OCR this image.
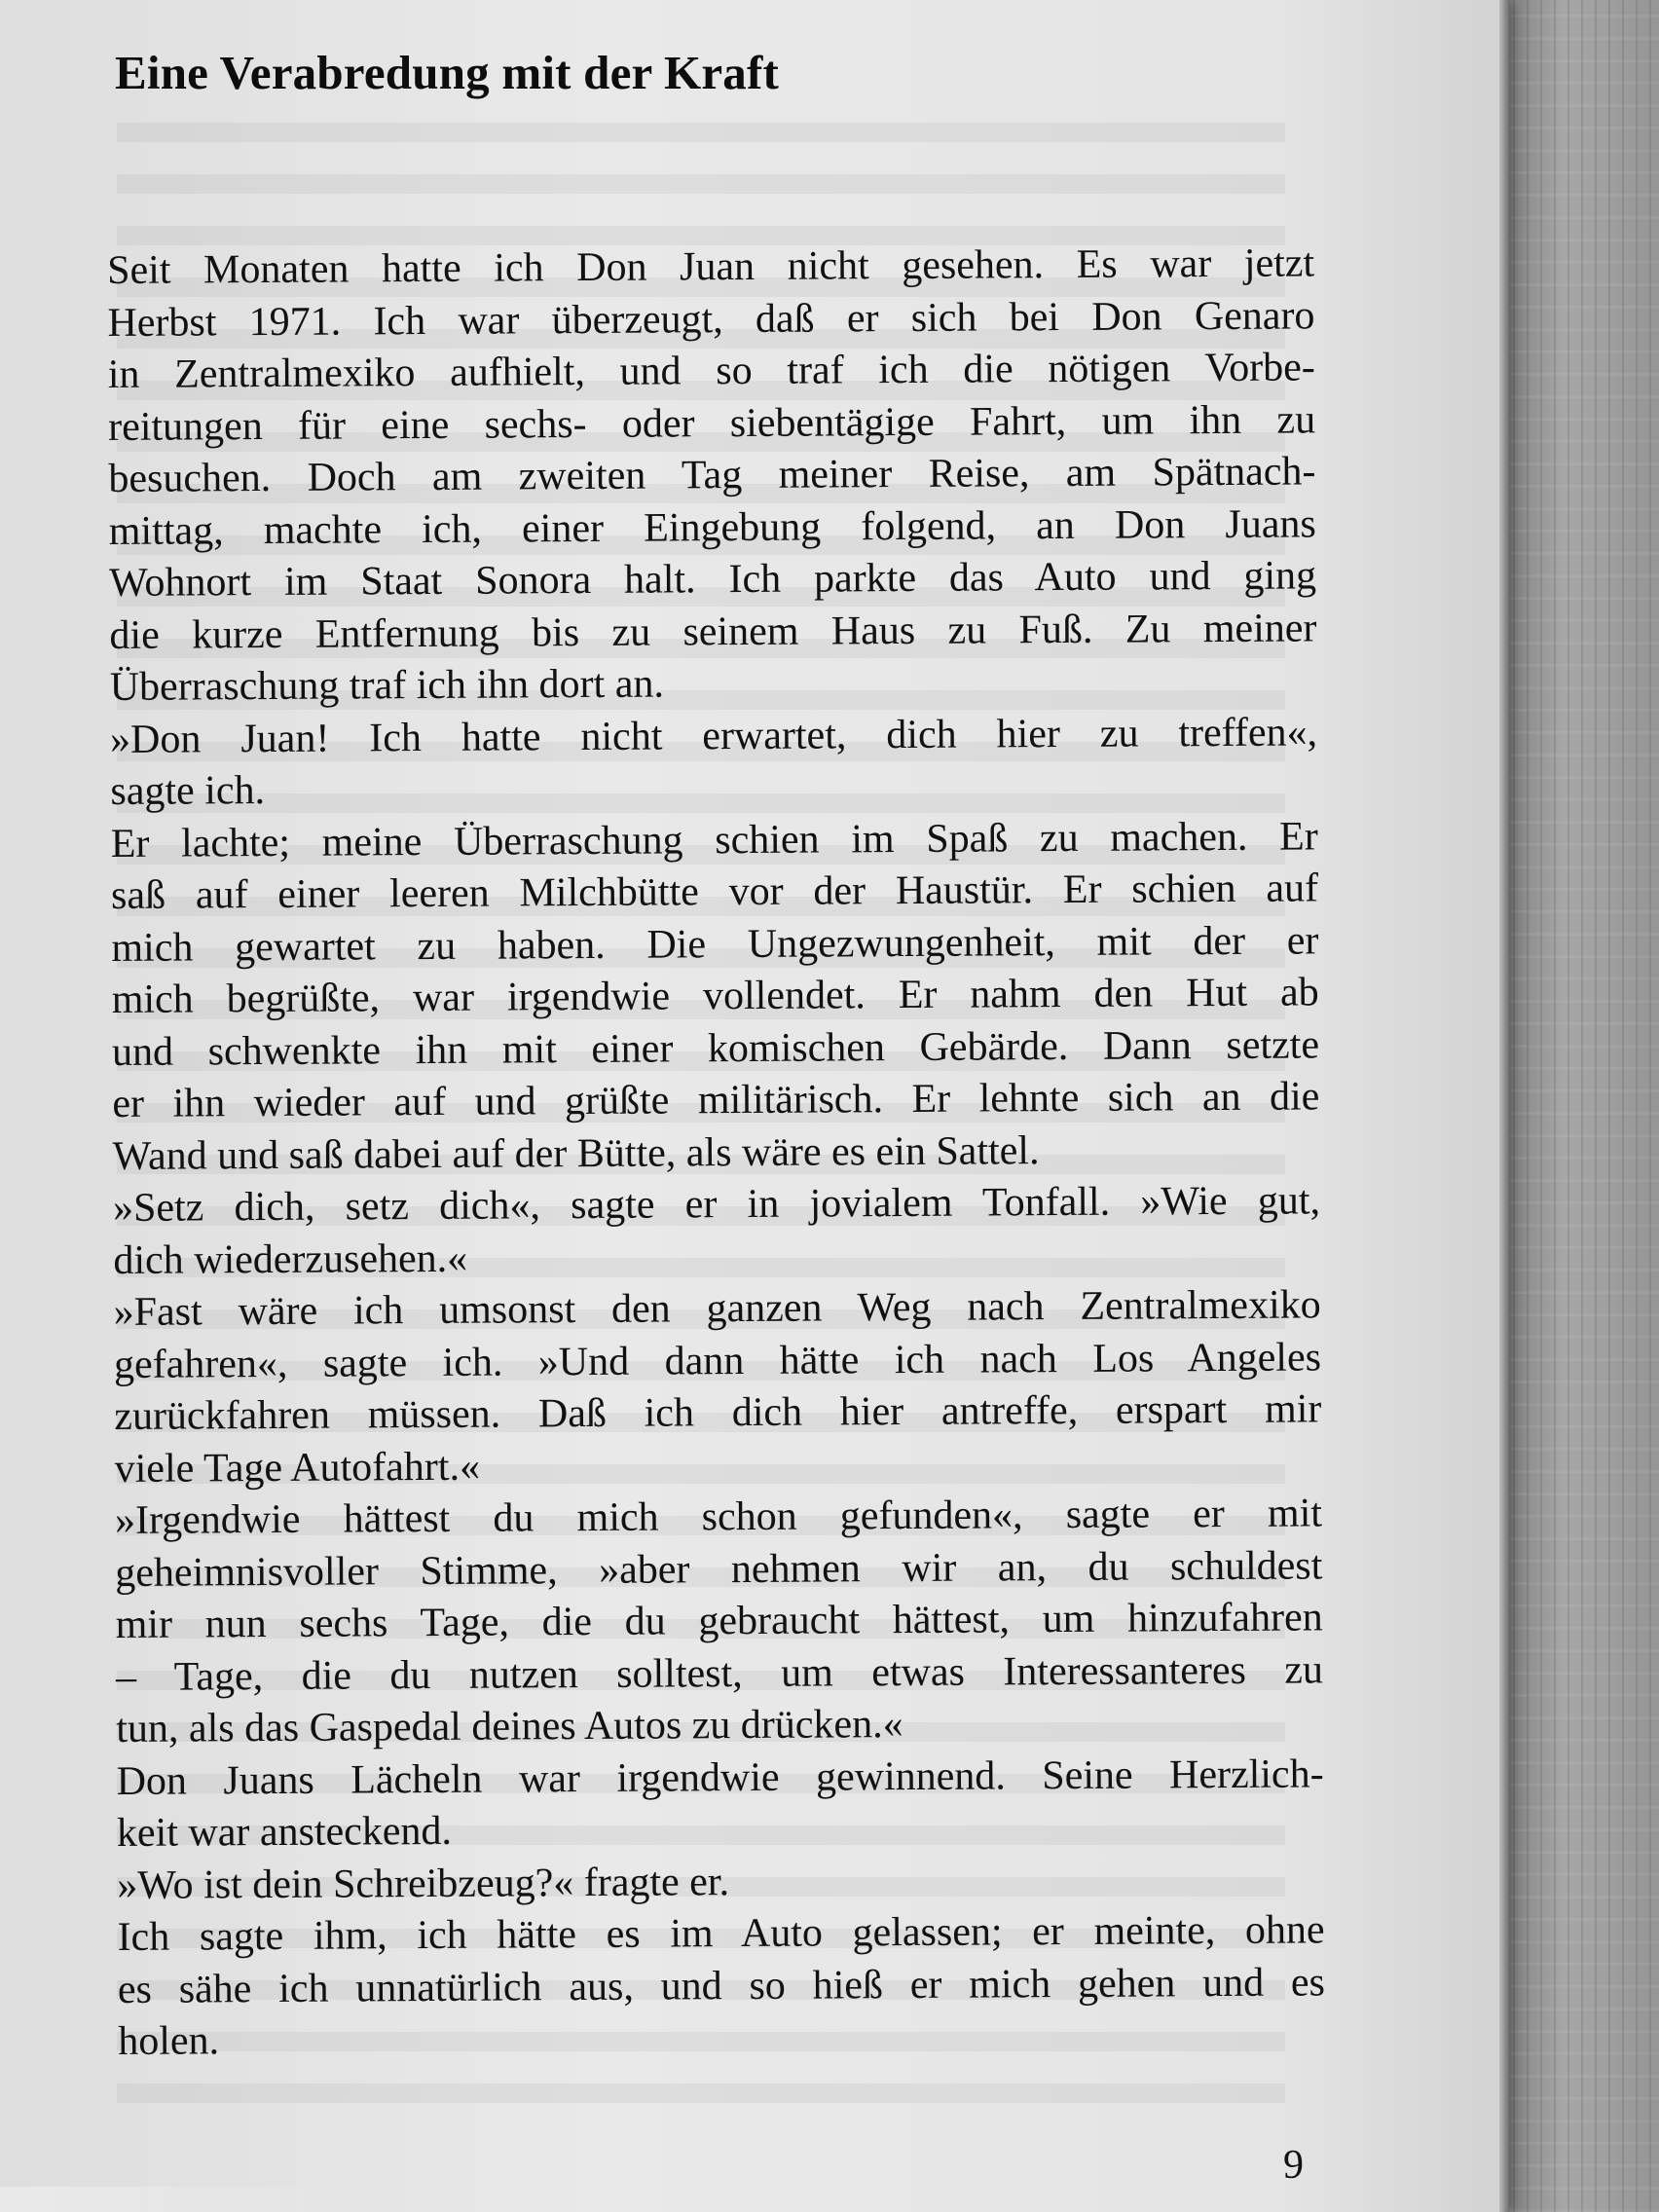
Eine Verabredung mit der Kraft
Seit Monaten hatte ich Don Juan nicht gesehen. Es war jetzt
Herbst 1971. Ich war überzeugt, daß er sich bei Don Genaro
in Zentralmexiko aufhielt, und so traf ich die nötigen Vorbe-
reitungen für eine sechs- oder siebentägige Fahrt, um ihn zu
besuchen. Doch am zweiten Tag meiner Reise, am Spätnach-
mittag, machte ich, einer Eingebung folgend, an Don Juans
Wohnort im Staat Sonora halt. Ich parkte das Auto und ging
die kurze Entfernung bis zu seinem Haus zu Fuß. Zu meiner
Überraschung traf ich ihn dort an.
»Don Juan! Ich hatte nicht erwartet, dich hier zu treffen«,
sagte ich.
Er lachte; meine Überraschung schien im Spaß zu machen. Er
saß auf einer leeren Milchbütte vor der Haustür. Er schien auf
mich gewartet zu haben. Die Ungezwungenheit, mit der er
mich begrüßte, war irgendwie vollendet. Er nahm den Hut ab
und schwenkte ihn mit einer komischen Gebärde. Dann setzte
er ihn wieder auf und grüßte militärisch. Er lehnte sich an die
Wand und saß dabei auf der Bütte, als wäre es ein Sattel.
»Setz dich, setz dich«, sagte er in jovialem Tonfall. »Wie gut,
dich wiederzusehen.«
»Fast wäre ich umsonst den ganzen Weg nach Zentralmexiko
gefahren«, sagte ich. »Und dann hätte ich nach Los Angeles
zurückfahren müssen. Daß ich dich hier antreffe, erspart mir
viele Tage Autofahrt.«
»Irgendwie hättest du mich schon gefunden«, sagte er mit
geheimnisvoller Stimme, »aber nehmen wir an, du schuldest
mir nun sechs Tage, die du gebraucht hättest, um hinzufahren
– Tage, die du nutzen solltest, um etwas Interessanteres zu
tun, als das Gaspedal deines Autos zu drücken.«
Don Juans Lächeln war irgendwie gewinnend. Seine Herzlich-
keit war ansteckend.
»Wo ist dein Schreibzeug?« fragte er.
Ich sagte ihm, ich hätte es im Auto gelassen; er meinte, ohne
es sähe ich unnatürlich aus, und so hieß er mich gehen und es
holen.
9
